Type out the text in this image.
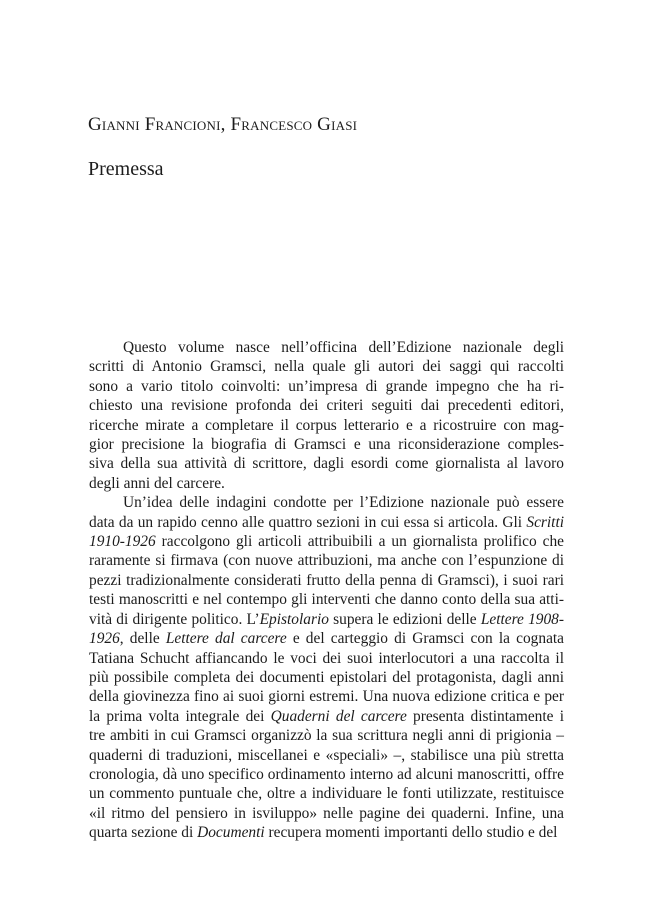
Gianni Francioni, Francesco Giasi
Premessa

Questo volume nasce nell’officina dell’Edizione nazionale degli
scritti di Antonio Gramsci, nella quale gli autori dei saggi qui raccolti
sono a vario titolo coinvolti: un’impresa di grande impegno che ha ri-
chiesto una revisione profonda dei criteri seguiti dai precedenti editori,
ricerche mirate a completare il corpus letterario e a ricostruire con mag-
gior precisione la biografia di Gramsci e una riconsiderazione comples-
siva della sua attività di scrittore, dagli esordi come giornalista al lavoro
degli anni del carcere.

Un’idea delle indagini condotte per l’Edizione nazionale può essere
data da un rapido cenno alle quattro sezioni in cui essa si articola. Gli Scritti
1910-1926 raccolgono gli articoli attribuibili a un giornalista prolifico che
raramente si firmava (con nuove attribuzioni, ma anche con l’espunzione di
pezzi tradizionalmente considerati frutto della penna di Gramsci), i suoi rari
testi manoscritti e nel contempo gli interventi che danno conto della sua atti-
vità di dirigente politico. L’Epistolario supera le edizioni delle Lettere 1908-
1926, delle Lettere dal carcere e del carteggio di Gramsci con la cognata
Tatiana Schucht affiancando le voci dei suoi interlocutori a una raccolta il
più possibile completa dei documenti epistolari del protagonista, dagli anni
della giovinezza fino ai suoi giorni estremi. Una nuova edizione critica e per
la prima volta integrale dei Quaderni del carcere presenta distintamente i
tre ambiti in cui Gramsci organizzò la sua scrittura negli anni di prigionia –
quaderni di traduzioni, miscellanei e «speciali» –, stabilisce una più stretta
cronologia, dà uno specifico ordinamento interno ad alcuni manoscritti, offre
un commento puntuale che, oltre a individuare le fonti utilizzate, restituisce
«il ritmo del pensiero in isviluppo» nelle pagine dei quaderni. Infine, una
quarta sezione di Documenti recupera momenti importanti dello studio e del
